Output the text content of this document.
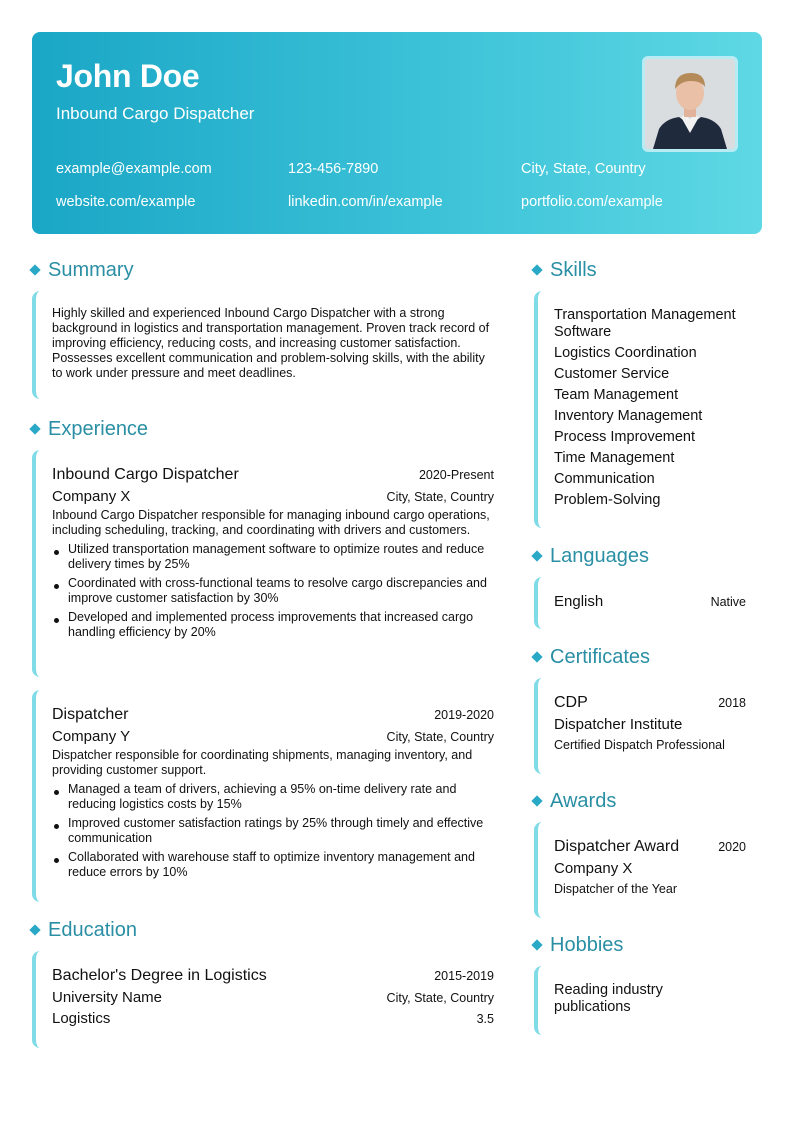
John Doe
Inbound Cargo Dispatcher
example@example.com	123-456-7890	City, State, Country
website.com/example	linkedin.com/in/example	portfolio.com/example
Summary
Highly skilled and experienced Inbound Cargo Dispatcher with a strong background in logistics and transportation management. Proven track record of improving efficiency, reducing costs, and increasing customer satisfaction. Possesses excellent communication and problem-solving skills, with the ability to work under pressure and meet deadlines.
Experience
Inbound Cargo Dispatcher	2020-Present
Company X	City, State, Country
Inbound Cargo Dispatcher responsible for managing inbound cargo operations, including scheduling, tracking, and coordinating with drivers and customers.
Utilized transportation management software to optimize routes and reduce delivery times by 25%
Coordinated with cross-functional teams to resolve cargo discrepancies and improve customer satisfaction by 30%
Developed and implemented process improvements that increased cargo handling efficiency by 20%
Dispatcher	2019-2020
Company Y	City, State, Country
Dispatcher responsible for coordinating shipments, managing inventory, and providing customer support.
Managed a team of drivers, achieving a 95% on-time delivery rate and reducing logistics costs by 15%
Improved customer satisfaction ratings by 25% through timely and effective communication
Collaborated with warehouse staff to optimize inventory management and reduce errors by 10%
Education
Bachelor's Degree in Logistics	2015-2019
University Name	City, State, Country
Logistics	3.5
Skills
Transportation Management Software
Logistics Coordination
Customer Service
Team Management
Inventory Management
Process Improvement
Time Management
Communication
Problem-Solving
Languages
English	Native
Certificates
CDP	2018
Dispatcher Institute
Certified Dispatch Professional
Awards
Dispatcher Award	2020
Company X
Dispatcher of the Year
Hobbies
Reading industry publications
